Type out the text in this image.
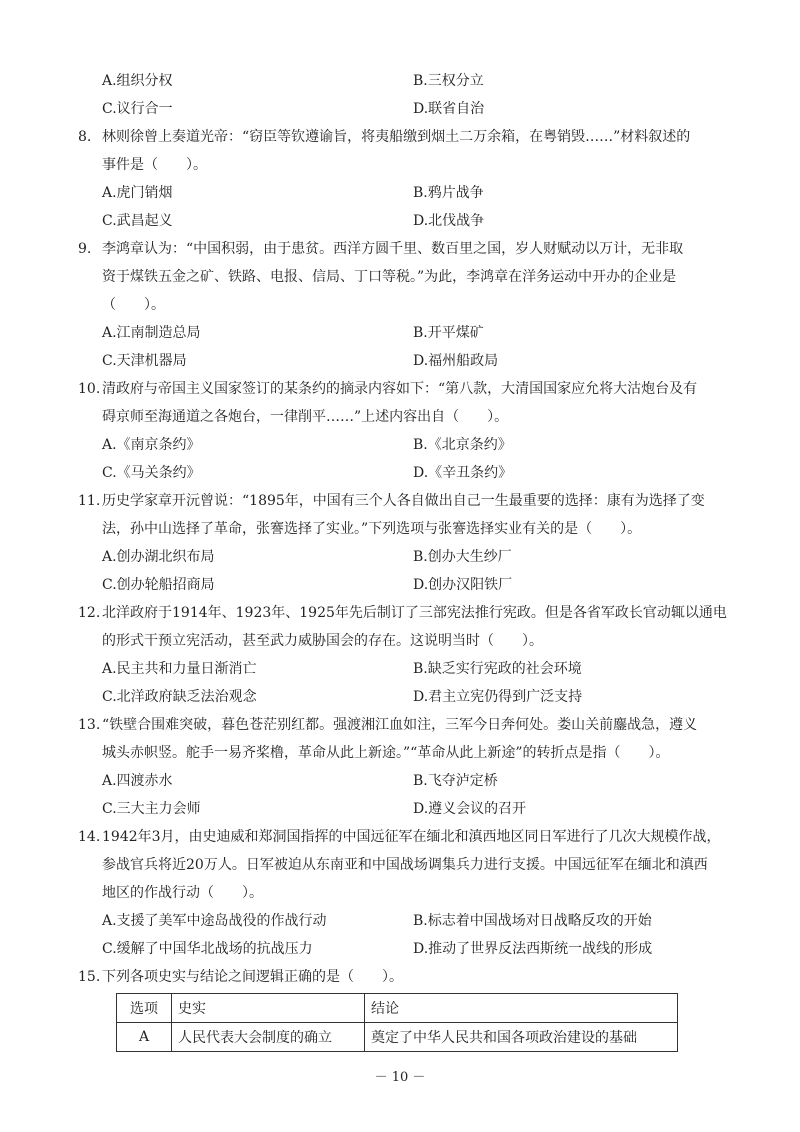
A.组织分权	B.三权分立
C.议行合一	D.联省自治
8. 林则徐曾上奏道光帝：“窃臣等钦遵谕旨，将夷船缴到烟土二万余箱，在粤销毁……”材料叙述的
事件是（　　）。
A.虎门销烟	B.鸦片战争
C.武昌起义	D.北伐战争
9. 李鸿章认为：“中国积弱，由于患贫。西洋方圆千里、数百里之国，岁人财赋动以万计，无非取
资于煤铁五金之矿、铁路、电报、信局、丁口等税。”为此，李鸿章在洋务运动中开办的企业是
（　　）。
A.江南制造总局	B.开平煤矿
C.天津机器局	D.福州船政局
10. 清政府与帝国主义国家签订的某条约的摘录内容如下：“第八款，大清国国家应允将大沽炮台及有
碍京师至海通道之各炮台，一律削平……”上述内容出自（　　）。
A.《南京条约》	B.《北京条约》
C.《马关条约》	D.《辛丑条约》
11. 历史学家章开沅曾说：“1895年，中国有三个人各自做出自己一生最重要的选择：康有为选择了变
法，孙中山选择了革命，张謇选择了实业。”下列选项与张謇选择实业有关的是（　　）。
A.创办湖北织布局	B.创办大生纱厂
C.创办轮船招商局	D.创办汉阳铁厂
12. 北洋政府于1914年、1923年、1925年先后制订了三部宪法推行宪政。但是各省军政长官动辄以通电
的形式干预立宪活动，甚至武力威胁国会的存在。这说明当时（　　）。
A.民主共和力量日渐消亡	B.缺乏实行宪政的社会环境
C.北洋政府缺乏法治观念	D.君主立宪仍得到广泛支持
13. “铁壁合围难突破，暮色苍茫别红都。强渡湘江血如注，三军今日奔何处。娄山关前鏖战急，遵义
城头赤帜竖。舵手一易齐桨橹，革命从此上新途。”“革命从此上新途”的转折点是指（　　）。
A.四渡赤水	B.飞夺泸定桥
C.三大主力会师	D.遵义会议的召开
14. 1942年3月，由史迪威和郑洞国指挥的中国远征军在缅北和滇西地区同日军进行了几次大规模作战，
参战官兵将近20万人。日军被迫从东南亚和中国战场调集兵力进行支援。中国远征军在缅北和滇西
地区的作战行动（　　）。
A.支援了美军中途岛战役的作战行动	B.标志着中国战场对日战略反攻的开始
C.缓解了中国华北战场的抗战压力	D.推动了世界反法西斯统一战线的形成
15. 下列各项史实与结论之间逻辑正确的是（　　）。
选项	史实	结论
A	人民代表大会制度的确立	奠定了中华人民共和国各项政治建设的基础
－ 10 －
